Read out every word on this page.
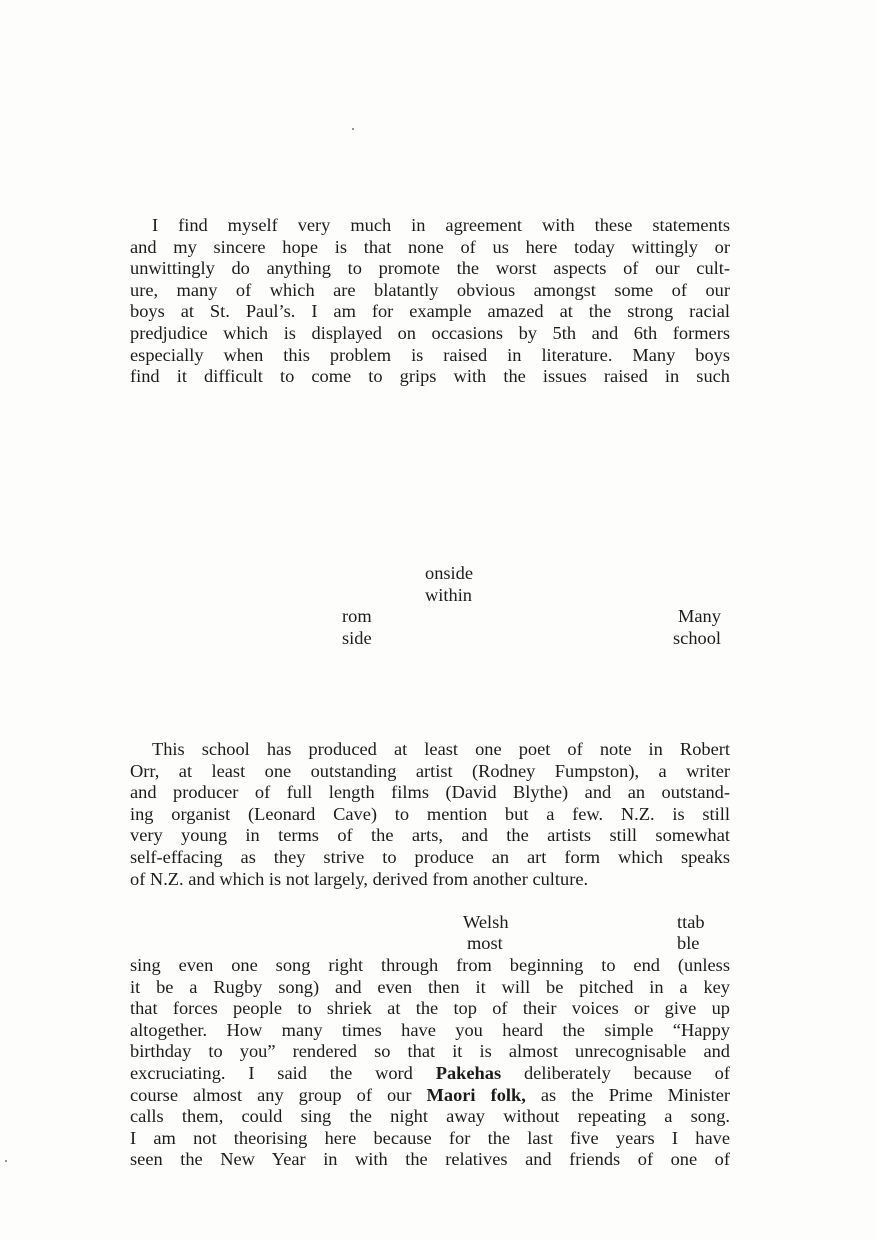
I find myself very much in agreement with these statements
and my sincere hope is that none of us here today wittingly or
unwittingly do anything to promote the worst aspects of our cult-
ure, many of which are blatantly obvious amongst some of our
boys at St. Paul’s. I am for example amazed at the strong racial
predjudice which is displayed on occasions by 5th and 6th formers
especially when this problem is raised in literature. Many boys
find it difficult to come to grips with the issues raised in such
onside
within
rom
side
Many
school
This school has produced at least one poet of note in Robert
Orr, at least one outstanding artist (Rodney Fumpston), a writer
and producer of full length films (David Blythe) and an outstand-
ing organist (Leonard Cave) to mention but a few. N.Z. is still
very young in terms of the arts, and the artists still somewhat
self-effacing as they strive to produce an art form which speaks
of N.Z. and which is not largely, derived from another culture.
Welsh
most
ttab
ble
sing even one song right through from beginning to end (unless
it be a Rugby song) and even then it will be pitched in a key
that forces people to shriek at the top of their voices or give up
altogether. How many times have you heard the simple “Happy
birthday to you” rendered so that it is almost unrecognisable and
excruciating. I said the word Pakehas deliberately because of
course almost any group of our Maori folk, as the Prime Minister
calls them, could sing the night away without repeating a song.
I am not theorising here because for the last five years I have
seen the New Year in with the relatives and friends of one of
